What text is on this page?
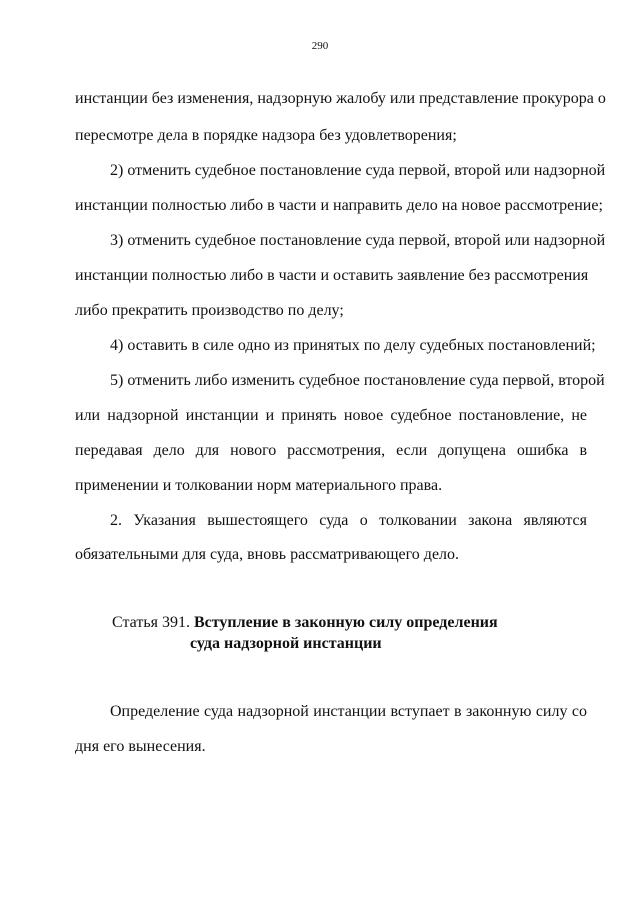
290
инстанции без изменения, надзорную жалобу или представление прокурора о
пересмотре дела в порядке надзора без удовлетворения;
2) отменить судебное постановление суда первой, второй или надзорной
инстанции полностью либо в части и направить дело на новое рассмотрение;
3) отменить судебное постановление суда первой, второй или надзорной
инстанции полностью либо в части и оставить заявление без рассмотрения
либо прекратить производство по делу;
4) оставить в силе одно из принятых по делу судебных постановлений;
5) отменить либо изменить судебное постановление суда первой, второй
или надзорной инстанции и принять новое судебное постановление, не
передавая дело для нового рассмотрения, если допущена ошибка в
применении и толковании норм материального права.
2. Указания вышестоящего суда о толковании закона являются
обязательными для суда, вновь рассматривающего дело.
Статья 391. Вступление в законную силу определения
суда надзорной инстанции
Определение суда надзорной инстанции вступает в законную силу со
дня его вынесения.
